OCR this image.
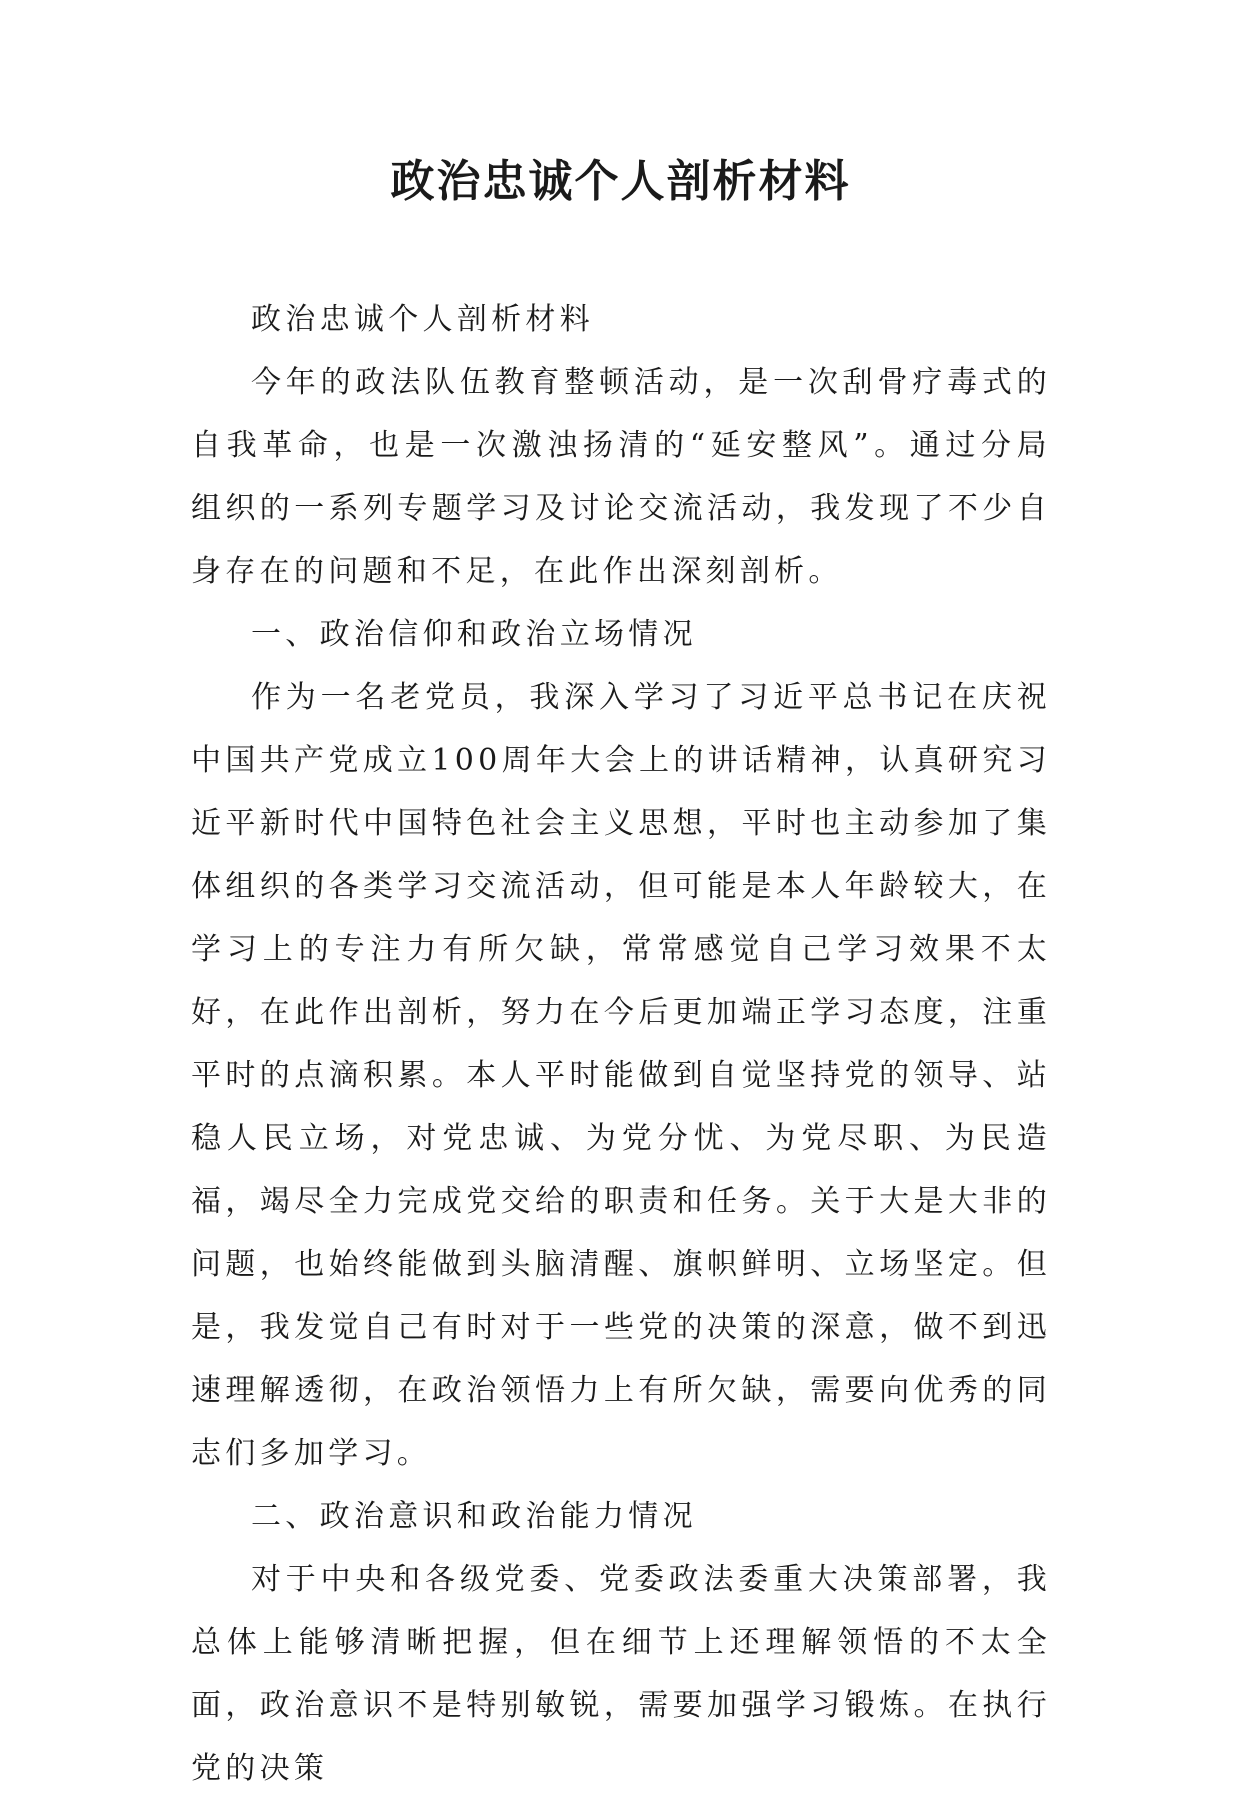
政治忠诚个人剖析材料

政治忠诚个人剖析材料

今年的政法队伍教育整顿活动，是一次刮骨疗毒式的自我革命，也是一次激浊扬清的“延安整风”。通过分局组织的一系列专题学习及讨论交流活动，我发现了不少自身存在的问题和不足，在此作出深刻剖析。

一、政治信仰和政治立场情况

作为一名老党员，我深入学习了习近平总书记在庆祝中国共产党成立100周年大会上的讲话精神，认真研究习近平新时代中国特色社会主义思想，平时也主动参加了集体组织的各类学习交流活动，但可能是本人年龄较大，在学习上的专注力有所欠缺，常常感觉自己学习效果不太好，在此作出剖析，努力在今后更加端正学习态度，注重平时的点滴积累。本人平时能做到自觉坚持党的领导、站稳人民立场，对党忠诚、为党分忧、为党尽职、为民造福，竭尽全力完成党交给的职责和任务。关于大是大非的问题，也始终能做到头脑清醒、旗帜鲜明、立场坚定。但是，我发觉自己有时对于一些党的决策的深意，做不到迅速理解透彻，在政治领悟力上有所欠缺，需要向优秀的同志们多加学习。

二、政治意识和政治能力情况

对于中央和各级党委、党委政法委重大决策部署，我总体上能够清晰把握，但在细节上还理解领悟的不太全面，政治意识不是特别敏锐，需要加强学习锻炼。在执行党的决策
